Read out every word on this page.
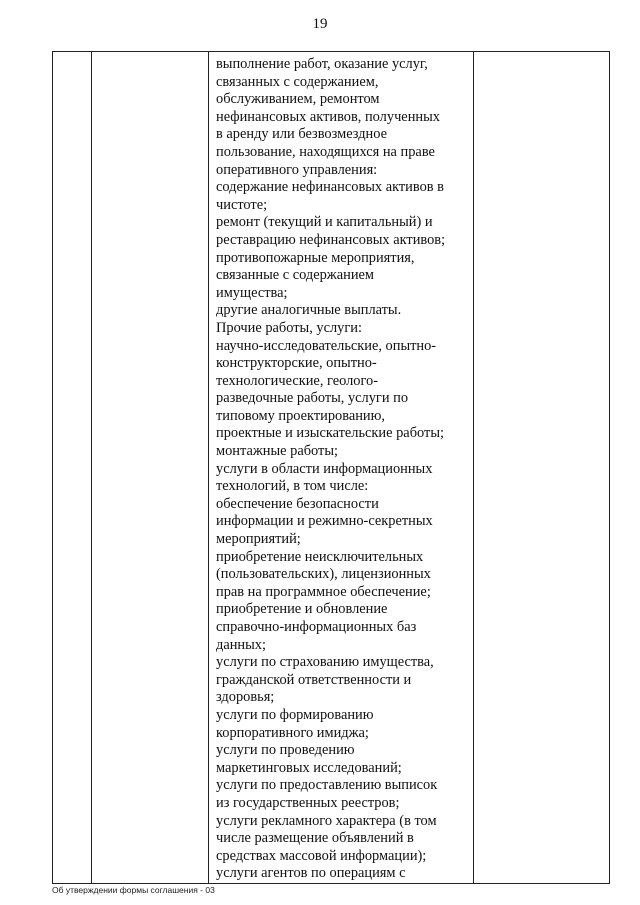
19

выполнение работ, оказание услуг,
связанных с содержанием,
обслуживанием, ремонтом
нефинансовых активов, полученных
в аренду или безвозмездное
пользование, находящихся на праве
оперативного управления:
содержание нефинансовых активов в
чистоте;
ремонт (текущий и капитальный) и
реставрацию нефинансовых активов;
противопожарные мероприятия,
связанные с содержанием
имущества;
другие аналогичные выплаты.
Прочие работы, услуги:
научно-исследовательские, опытно-
конструкторские, опытно-
технологические, геолого-
разведочные работы, услуги по
типовому проектированию,
проектные и изыскательские работы;
монтажные работы;
услуги в области информационных
технологий, в том числе:
обеспечение безопасности
информации и режимно-секретных
мероприятий;
приобретение неисключительных
(пользовательских), лицензионных
прав на программное обеспечение;
приобретение и обновление
справочно-информационных баз
данных;
услуги по страхованию имущества,
гражданской ответственности и
здоровья;
услуги по формированию
корпоративного имиджа;
услуги по проведению
маркетинговых исследований;
услуги по предоставлению выписок
из государственных реестров;
услуги рекламного характера (в том
числе размещение объявлений в
средствах массовой информации);
услуги агентов по операциям с

Об утверждении формы соглашения - 03
